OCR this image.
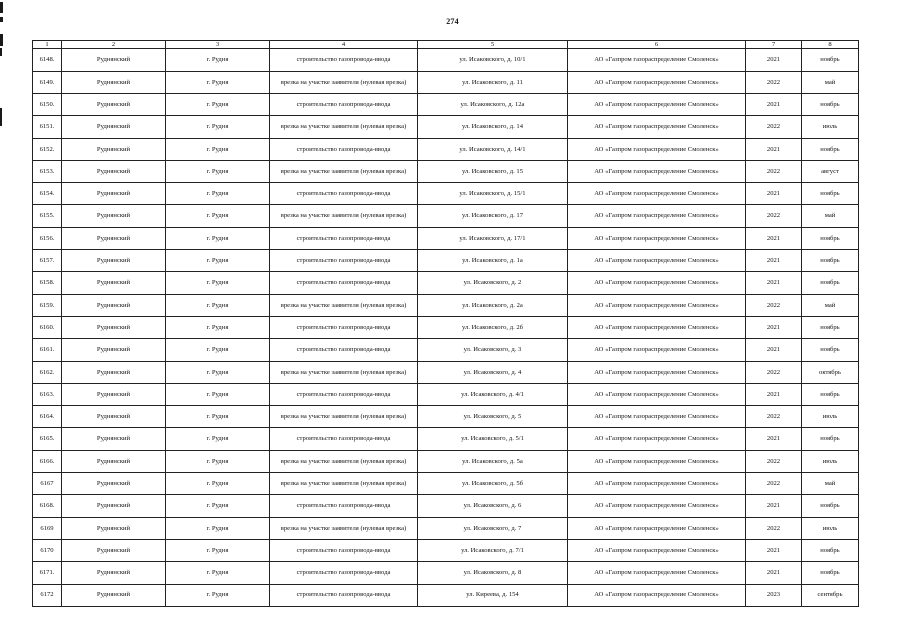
274
1	2	3	4	5	6	7	8
6148.	Руднянский	г. Рудня	строительство газопровода-ввода	ул. Исаковского, д. 10/1	АО «Газпром газораспределение Смоленск»	2021	ноябрь
6149.	Руднянский	г. Рудня	врезка на участке заявителя (нулевая врезка)	ул. Исаковского, д. 11	АО «Газпром газораспределение Смоленск»	2022	май
6150.	Руднянский	г. Рудня	строительство газопровода-ввода	ул. Исаковского, д. 12а	АО «Газпром газораспределение Смоленск»	2021	ноябрь
6151.	Руднянский	г. Рудня	врезка на участке заявителя (нулевая врезка)	ул. Исаковского, д. 14	АО «Газпром газораспределение Смоленск»	2022	июль
6152.	Руднянский	г. Рудня	строительство газопровода-ввода	ул. Исаковского, д. 14/1	АО «Газпром газораспределение Смоленск»	2021	ноябрь
6153.	Руднянский	г. Рудня	врезка на участке заявителя (нулевая врезка)	ул. Исаковского, д. 15	АО «Газпром газораспределение Смоленск»	2022	август
6154.	Руднянский	г. Рудня	строительство газопровода-ввода	ул. Исаковского, д. 15/1	АО «Газпром газораспределение Смоленск»	2021	ноябрь
6155.	Руднянский	г. Рудня	врезка на участке заявителя (нулевая врезка)	ул. Исаковского, д. 17	АО «Газпром газораспределение Смоленск»	2022	май
6156.	Руднянский	г. Рудня	строительство газопровода-ввода	ул. Исаковского, д. 17/1	АО «Газпром газораспределение Смоленск»	2021	ноябрь
6157.	Руднянский	г. Рудня	строительство газопровода-ввода	ул. Исаковского, д. 1а	АО «Газпром газораспределение Смоленск»	2021	ноябрь
6158.	Руднянский	г. Рудня	строительство газопровода-ввода	ул. Исаковского, д. 2	АО «Газпром газораспределение Смоленск»	2021	ноябрь
6159.	Руднянский	г. Рудня	врезка на участке заявителя (нулевая врезка)	ул. Исаковского, д. 2а	АО «Газпром газораспределение Смоленск»	2022	май
6160.	Руднянский	г. Рудня	строительство газопровода-ввода	ул. Исаковского, д. 2б	АО «Газпром газораспределение Смоленск»	2021	ноябрь
6161.	Руднянский	г. Рудня	строительство газопровода-ввода	ул. Исаковского, д. 3	АО «Газпром газораспределение Смоленск»	2021	ноябрь
6162.	Руднянский	г. Рудня	врезка на участке заявителя (нулевая врезка)	ул. Исаковского, д. 4	АО «Газпром газораспределение Смоленск»	2022	октябрь
6163.	Руднянский	г. Рудня	строительство газопровода-ввода	ул. Исаковского, д. 4/1	АО «Газпром газораспределение Смоленск»	2021	ноябрь
6164.	Руднянский	г. Рудня	врезка на участке заявителя (нулевая врезка)	ул. Исаковского, д. 5	АО «Газпром газораспределение Смоленск»	2022	июль
6165.	Руднянский	г. Рудня	строительство газопровода-ввода	ул. Исаковского, д. 5/1	АО «Газпром газораспределение Смоленск»	2021	ноябрь
6166.	Руднянский	г. Рудня	врезка на участке заявителя (нулевая врезка)	ул. Исаковского, д. 5а	АО «Газпром газораспределение Смоленск»	2022	июль
6167	Руднянский	г. Рудня	врезка на участке заявителя (нулевая врезка)	ул. Исаковского, д. 5б	АО «Газпром газораспределение Смоленск»	2022	май
6168.	Руднянский	г. Рудня	строительство газопровода-ввода	ул. Исаковского, д. 6	АО «Газпром газораспределение Смоленск»	2021	ноябрь
6169	Руднянский	г. Рудня	врезка на участке заявителя (нулевая врезка)	ул. Исаковского, д. 7	АО «Газпром газораспределение Смоленск»	2022	июль
6170	Руднянский	г. Рудня	строительство газопровода-ввода	ул. Исаковского, д. 7/1	АО «Газпром газораспределение Смоленск»	2021	ноябрь
6171.	Руднянский	г. Рудня	строительство газопровода-ввода	ул. Исаковского, д. 8	АО «Газпром газораспределение Смоленск»	2021	ноябрь
6172	Руднянский	г. Рудня	строительство газопровода-ввода	ул. Киреева, д. 154	АО «Газпром газораспределение Смоленск»	2023	сентябрь
